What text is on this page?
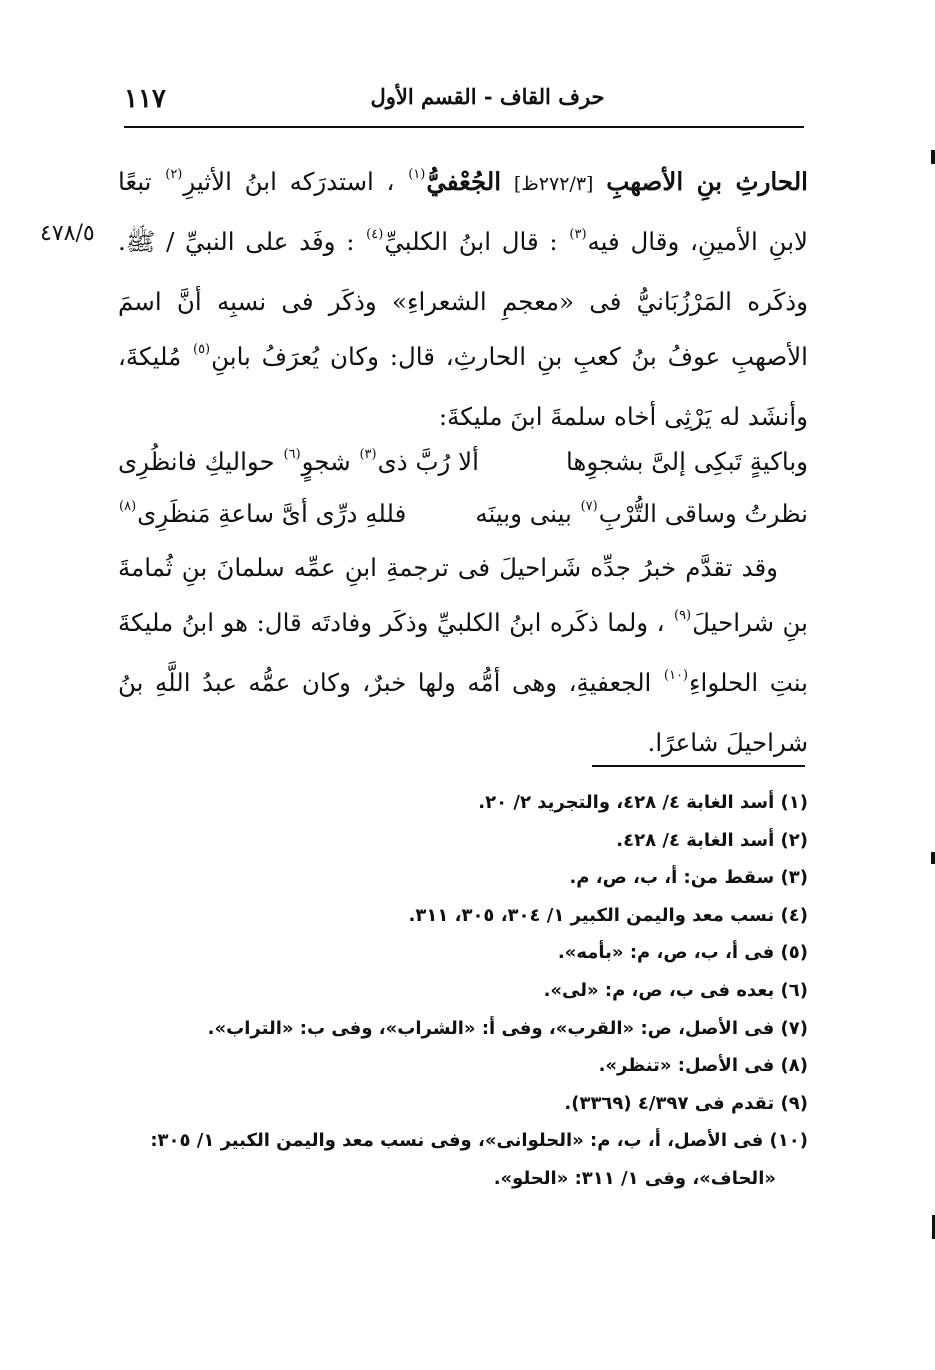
١١٧	حرف القاف - القسم الأول
٤٧٨/٥

الحارثِ بنِ الأصهبِ [٢٧٢/٣ظ] الجُعْفيُّ$^{(١)}$ ، استدرَكه ابنُ الأثيرِ$^{(٢)}$ تبعًا لابنِ الأمينِ، وقال فيه$^{(٣)}$ : قال ابنُ الكلبيِّ$^{(٤)}$ : وفَد على النبيِّ / ﷺ. وذكَره المَرْزُبَانيُّ فى «معجمِ الشعراءِ» وذكَر فى نسبِه أنَّ اسمَ الأصهبِ عوفُ بنُ كعبِ بنِ الحارثِ، قال: وكان يُعرَفُ بابنِ$^{(٥)}$ مُليكةَ، وأنشَد له يَرْثِى أخاه سلمةَ ابنَ مليكةَ:

وباكيةٍ تَبكِى إلىَّ بشجوِها
ألا رُبَّ ذى$^{(٣)}$ شجوٍ$^{(٦)}$ حواليكِ فانظُرِى
نظرتُ وساقى التُّرْبِ$^{(٧)}$ بينى وبينَه
فللهِ درِّى أىَّ ساعةِ مَنظَرِى$^{(٨)}$

وقد تقدَّم خبرُ جدِّه شَراحيلَ فى ترجمةِ ابنِ عمِّه سلمانَ بنِ ثُمامةَ بنِ شراحيلَ$^{(٩)}$ ، ولما ذكَره ابنُ الكلبيِّ وذكَر وفادتَه قال: هو ابنُ مليكةَ بنتِ الحلواءِ$^{(١٠)}$ الجعفيةِ، وهى أمُّه ولها خبرٌ، وكان عمُّه عبدُ اللَّهِ بنُ شراحيلَ شاعرًا.

(١) أسد الغابة ٤/ ٤٢٨، والتجريد ٢/ ٢٠.

(٢) أسد الغابة ٤/ ٤٢٨.

(٣) سقط من: أ، ب، ص، م.

(٤) نسب معد واليمن الكبير ١/ ٣٠٤، ٣٠٥، ٣١١.

(٥) فى أ، ب، ص، م: «بأمه».

(٦) بعده فى ب، ص، م: «لى».

(٧) فى الأصل، ص: «القرب»، وفى أ: «الشراب»، وفى ب: «التراب».

(٨) فى الأصل: «تنظر».

(٩) تقدم فى ٤/٣٩٧ (٣٣٦٩).

(١٠) فى الأصل، أ، ب، م: «الحلوانى»، وفى نسب معد واليمن الكبير ١/ ٣٠٥:

«الحاف»، وفى ١/ ٣١١: «الحلو».
